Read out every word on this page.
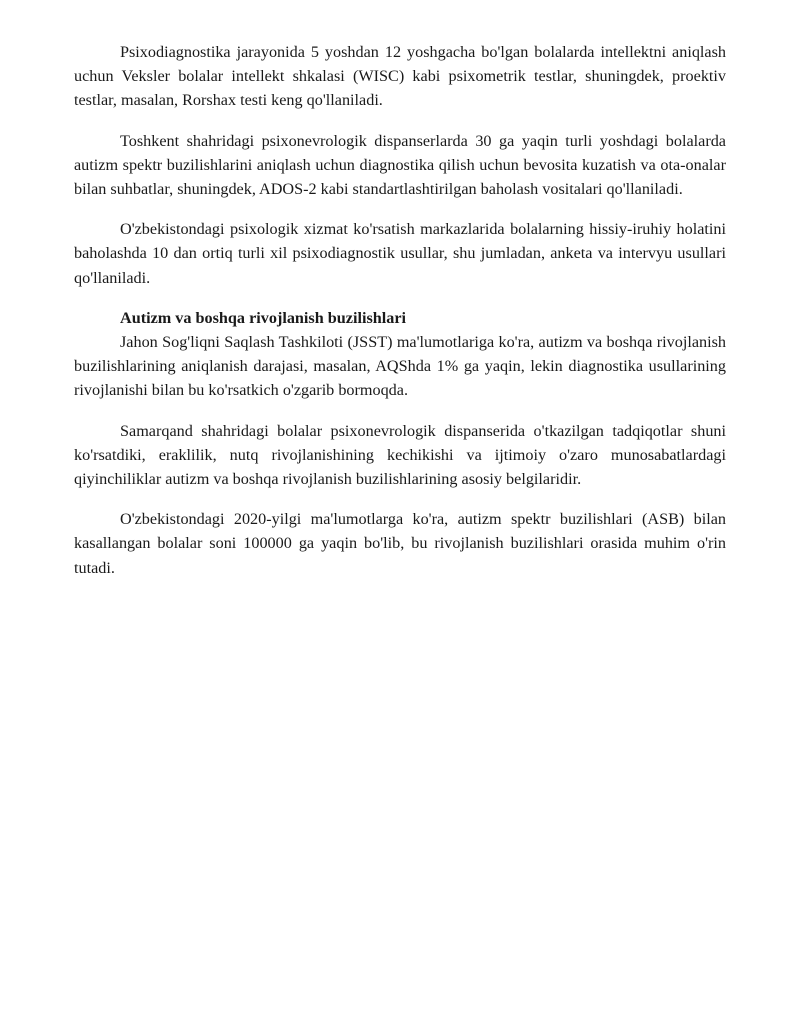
Psixodiagnostika jarayonida 5 yoshdan 12 yoshgacha bo'lgan bolalarda intellektni aniqlash uchun Veksler bolalar intellekt shkalasi (WISC) kabi psixometrik testlar, shuningdek, proektiv testlar, masalan, Rorshax testi keng qo'llaniladi.

Toshkent shahridagi psixonevrologik dispanserlarda 30 ga yaqin turli yoshdagi bolalarda autizm spektr buzilishlarini aniqlash uchun diagnostika qilish uchun bevosita kuzatish va ota-onalar bilan suhbatlar, shuningdek, ADOS-2 kabi standartlashtirilgan baholash vositalari qo'llaniladi.

O'zbekistondagi psixologik xizmat ko'rsatish markazlarida bolalarning hissiy-iruhiy holatini baholashda 10 dan ortiq turli xil psixodiagnostik usullar, shu jumladan, anketa va intervyu usullari qo'llaniladi.

Autizm va boshqa rivojlanish buzilishlari

Jahon Sog'liqni Saqlash Tashkiloti (JSST) ma'lumotlariga ko'ra, autizm va boshqa rivojlanish buzilishlarining aniqlanish darajasi, masalan, AQShda 1% ga yaqin, lekin diagnostika usullarining rivojlanishi bilan bu ko'rsatkich o'zgarib bormoqda.

Samarqand shahridagi bolalar psixonevrologik dispanserida o'tkazilgan tadqiqotlar shuni ko'rsatdiki, eraklilik, nutq rivojlanishining kechikishi va ijtimoiy o'zaro munosabatlardagi qiyinchiliklar autizm va boshqa rivojlanish buzilishlarining asosiy belgilaridir.

O'zbekistondagi 2020-yilgi ma'lumotlarga ko'ra, autizm spektr buzilishlari (ASB) bilan kasallangan bolalar soni 100000 ga yaqin bo'lib, bu rivojlanish buzilishlari orasida muhim o'rin tutadi.
